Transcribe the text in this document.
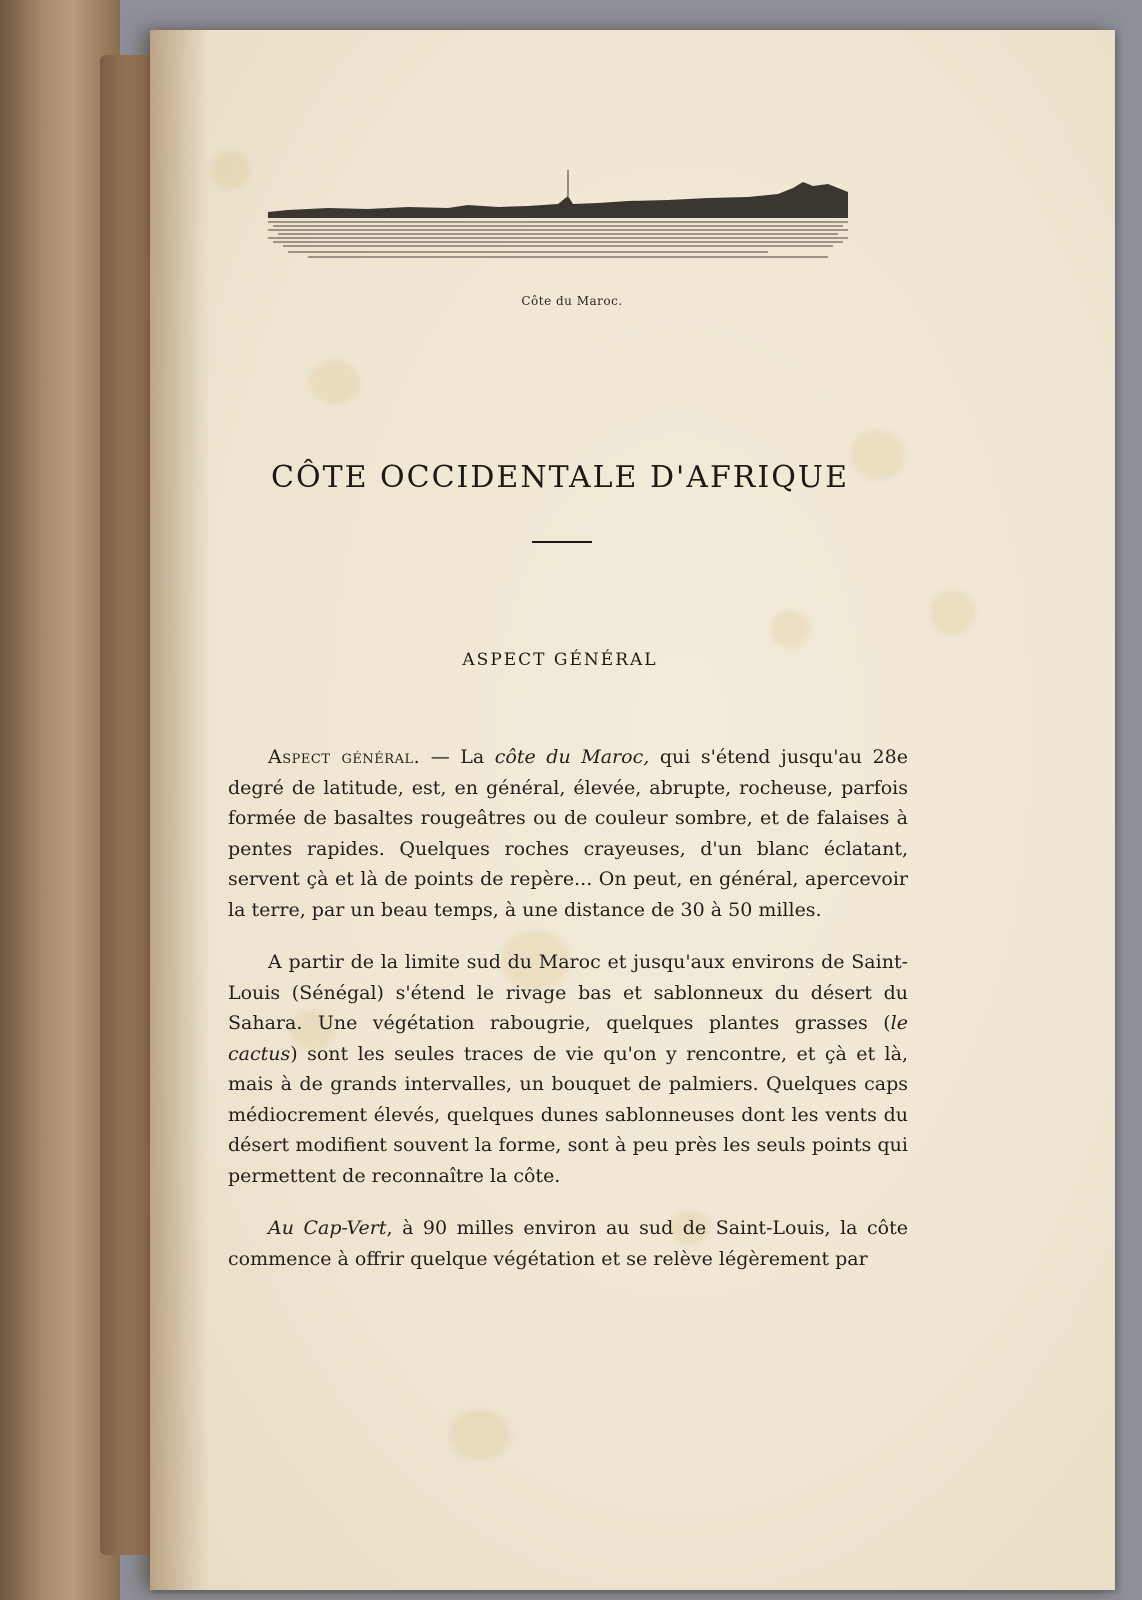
Côte du Maroc.
CÔTE OCCIDENTALE D'AFRIQUE
ASPECT GÉNÉRAL

Aspect général. — La côte du Maroc, qui s'étend jusqu'au 28e degré de latitude, est, en général, élevée, abrupte, rocheuse, parfois formée de basaltes rougeâtres ou de couleur sombre, et de falaises à pentes rapides. Quelques roches crayeuses, d'un blanc éclatant, servent çà et là de points de repère... On peut, en général, apercevoir la terre, par un beau temps, à une distance de 30 à 50 milles.

A partir de la limite sud du Maroc et jusqu'aux environs de Saint-Louis (Sénégal) s'étend le rivage bas et sablonneux du désert du Sahara. Une végétation rabougrie, quelques plantes grasses (le cactus) sont les seules traces de vie qu'on y rencontre, et çà et là, mais à de grands intervalles, un bouquet de palmiers. Quelques caps médiocrement élevés, quelques dunes sablonneuses dont les vents du désert modifient souvent la forme, sont à peu près les seuls points qui permettent de reconnaître la côte.

Au Cap-Vert, à 90 milles environ au sud de Saint-Louis, la côte commence à offrir quelque végétation et se relève légèrement par
